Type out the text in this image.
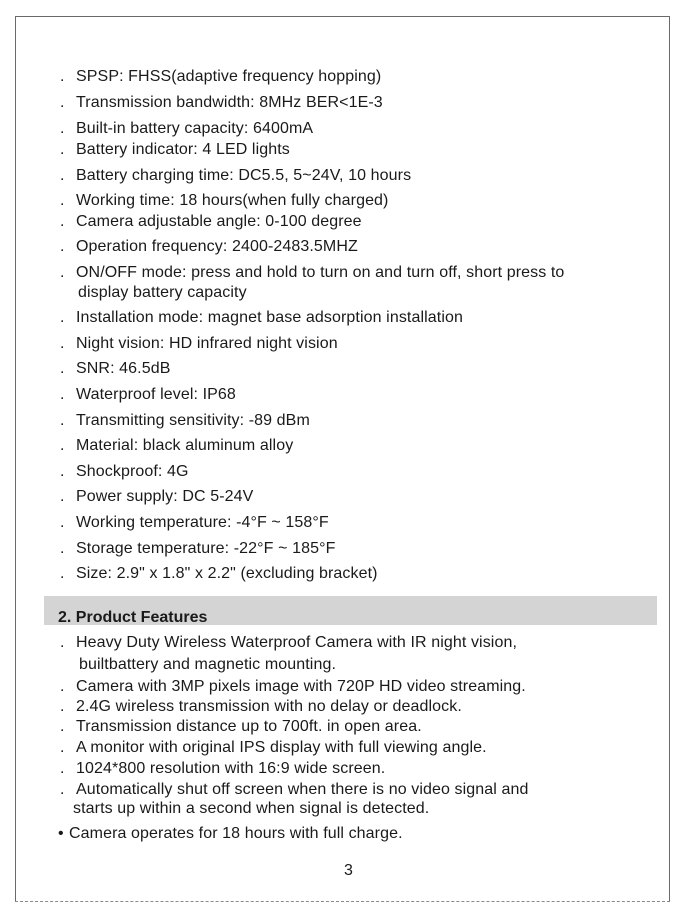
. SPSP: FHSS(adaptive frequency hopping)
. Transmission bandwidth: 8MHz BER<1E-3
. Built-in battery capacity: 6400mA
. Battery indicator: 4 LED lights
. Battery charging time: DC5.5, 5~24V, 10 hours
. Working time: 18 hours(when fully charged)
. Camera adjustable angle: 0-100 degree
. Operation frequency: 2400-2483.5MHZ
. ON/OFF mode: press and hold to turn on and turn off, short press to
display battery capacity
. Installation mode: magnet base adsorption installation
. Night vision: HD infrared night vision
. SNR: 46.5dB
. Waterproof level: IP68
. Transmitting sensitivity: -89 dBm
. Material: black aluminum alloy
. Shockproof: 4G
. Power supply: DC 5-24V
. Working temperature: -4°F ~ 158°F
. Storage temperature: -22°F ~ 185°F
. Size: 2.9" x 1.8" x 2.2" (excluding bracket)
2. Product Features
. Heavy Duty Wireless Waterproof Camera with IR night vision,
builtbattery and magnetic mounting.
. Camera with 3MP pixels image with 720P HD video streaming.
. 2.4G wireless transmission with no delay or deadlock.
. Transmission distance up to 700ft. in open area.
. A monitor with original IPS display with full viewing angle.
. 1024*800 resolution with 16:9 wide screen.
. Automatically shut off screen when there is no video signal and
starts up within a second when signal is detected.
• Camera operates for 18 hours with full charge.
3
